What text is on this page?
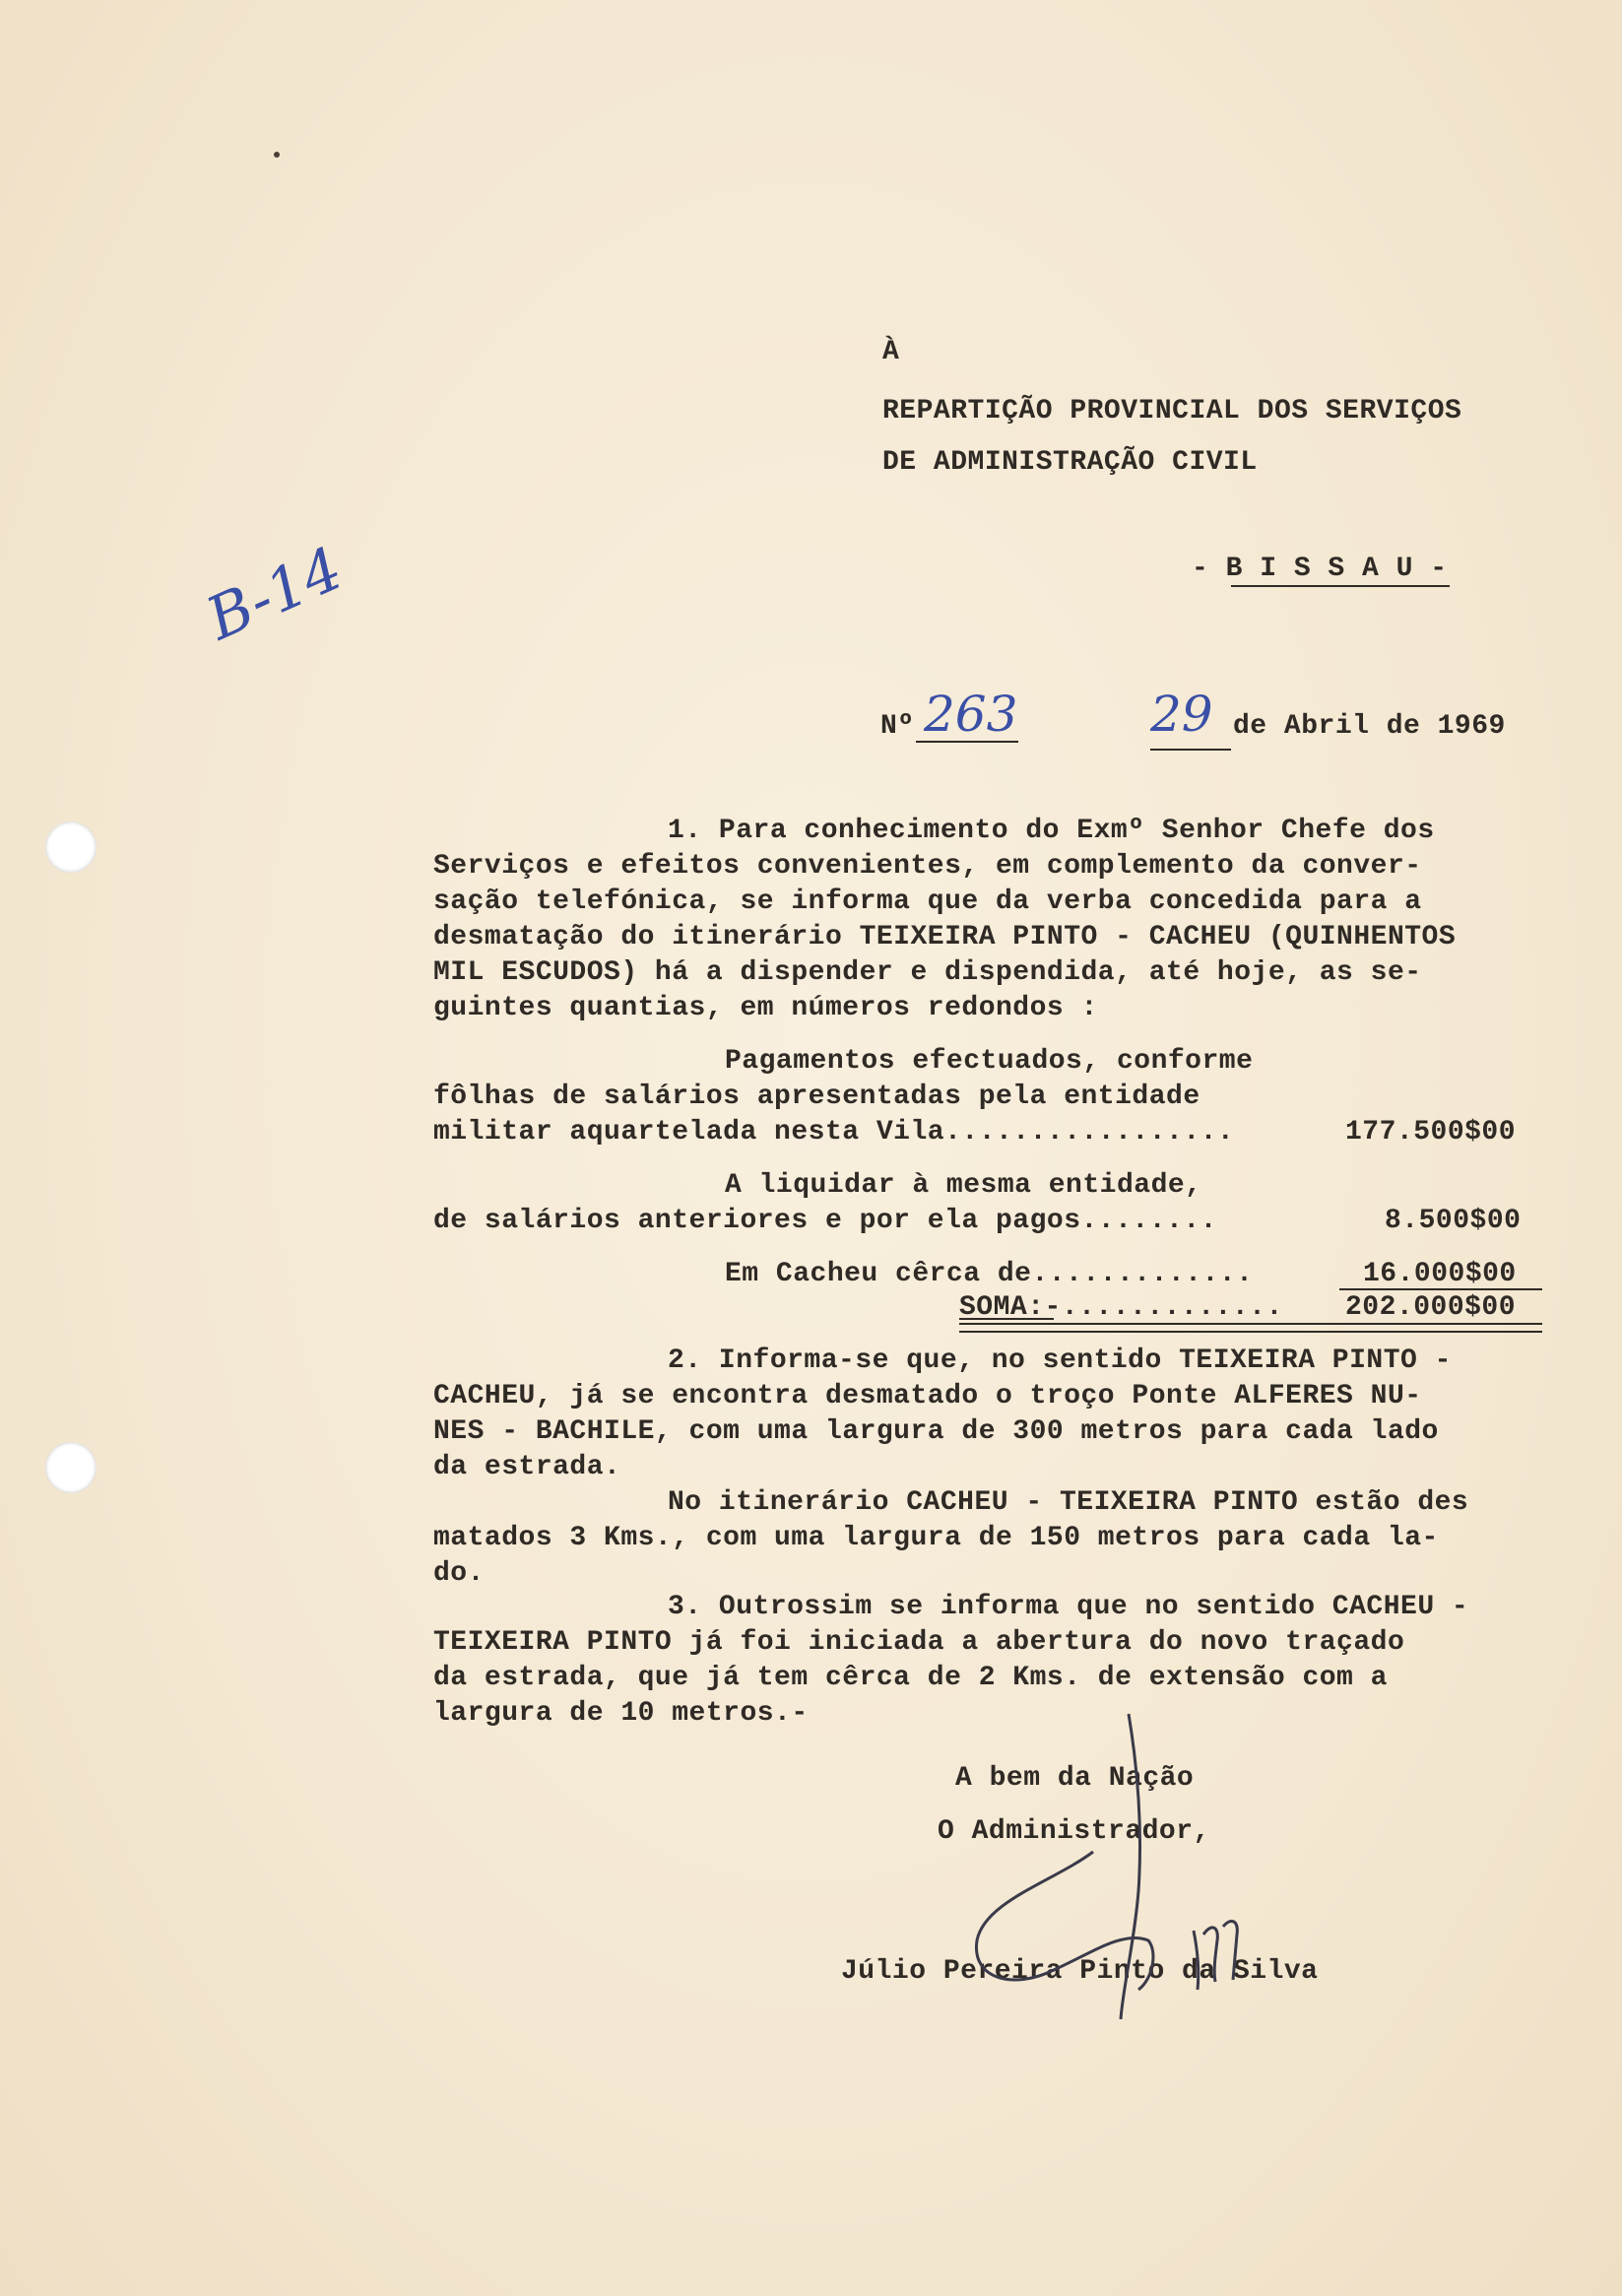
B-14
À
REPARTIÇÃO PROVINCIAL DOS SERVIÇOS
DE ADMINISTRAÇÃO CIVIL
- B I S S A U -
Nº 263	29 de Abril de 1969
1. Para conhecimento do Exmº Senhor Chefe dos
Serviços e efeitos convenientes, em complemento da conver-
sação telefónica, se informa que da verba concedida para a
desmatação do itinerário TEIXEIRA PINTO - CACHEU (QUINHENTOS
MIL ESCUDOS) há a dispender e dispendida, até hoje, as se-
guintes quantias, em números redondos :
Pagamentos efectuados, conforme
fôlhas de salários apresentadas pela entidade
militar aquartelada nesta Vila.................	177.500$00
A liquidar à mesma entidade,
de salários anteriores e por ela pagos........	8.500$00
Em Cacheu cêrca de.............	16.000$00
SOMA:-............. 202.000$00
2. Informa-se que, no sentido TEIXEIRA PINTO -
CACHEU, já se encontra desmatado o troço Ponte ALFERES NU-
NES - BACHILE, com uma largura de 300 metros para cada lado
da estrada.
No itinerário CACHEU - TEIXEIRA PINTO estão des
matados 3 Kms., com uma largura de 150 metros para cada la-
do.
3. Outrossim se informa que no sentido CACHEU -
TEIXEIRA PINTO já foi iniciada a abertura do novo traçado
da estrada, que já tem cêrca de 2 Kms. de extensão com a
largura de 10 metros.-
A bem da Nação
O Administrador,
Júlio Pereira Pinto da Silva
